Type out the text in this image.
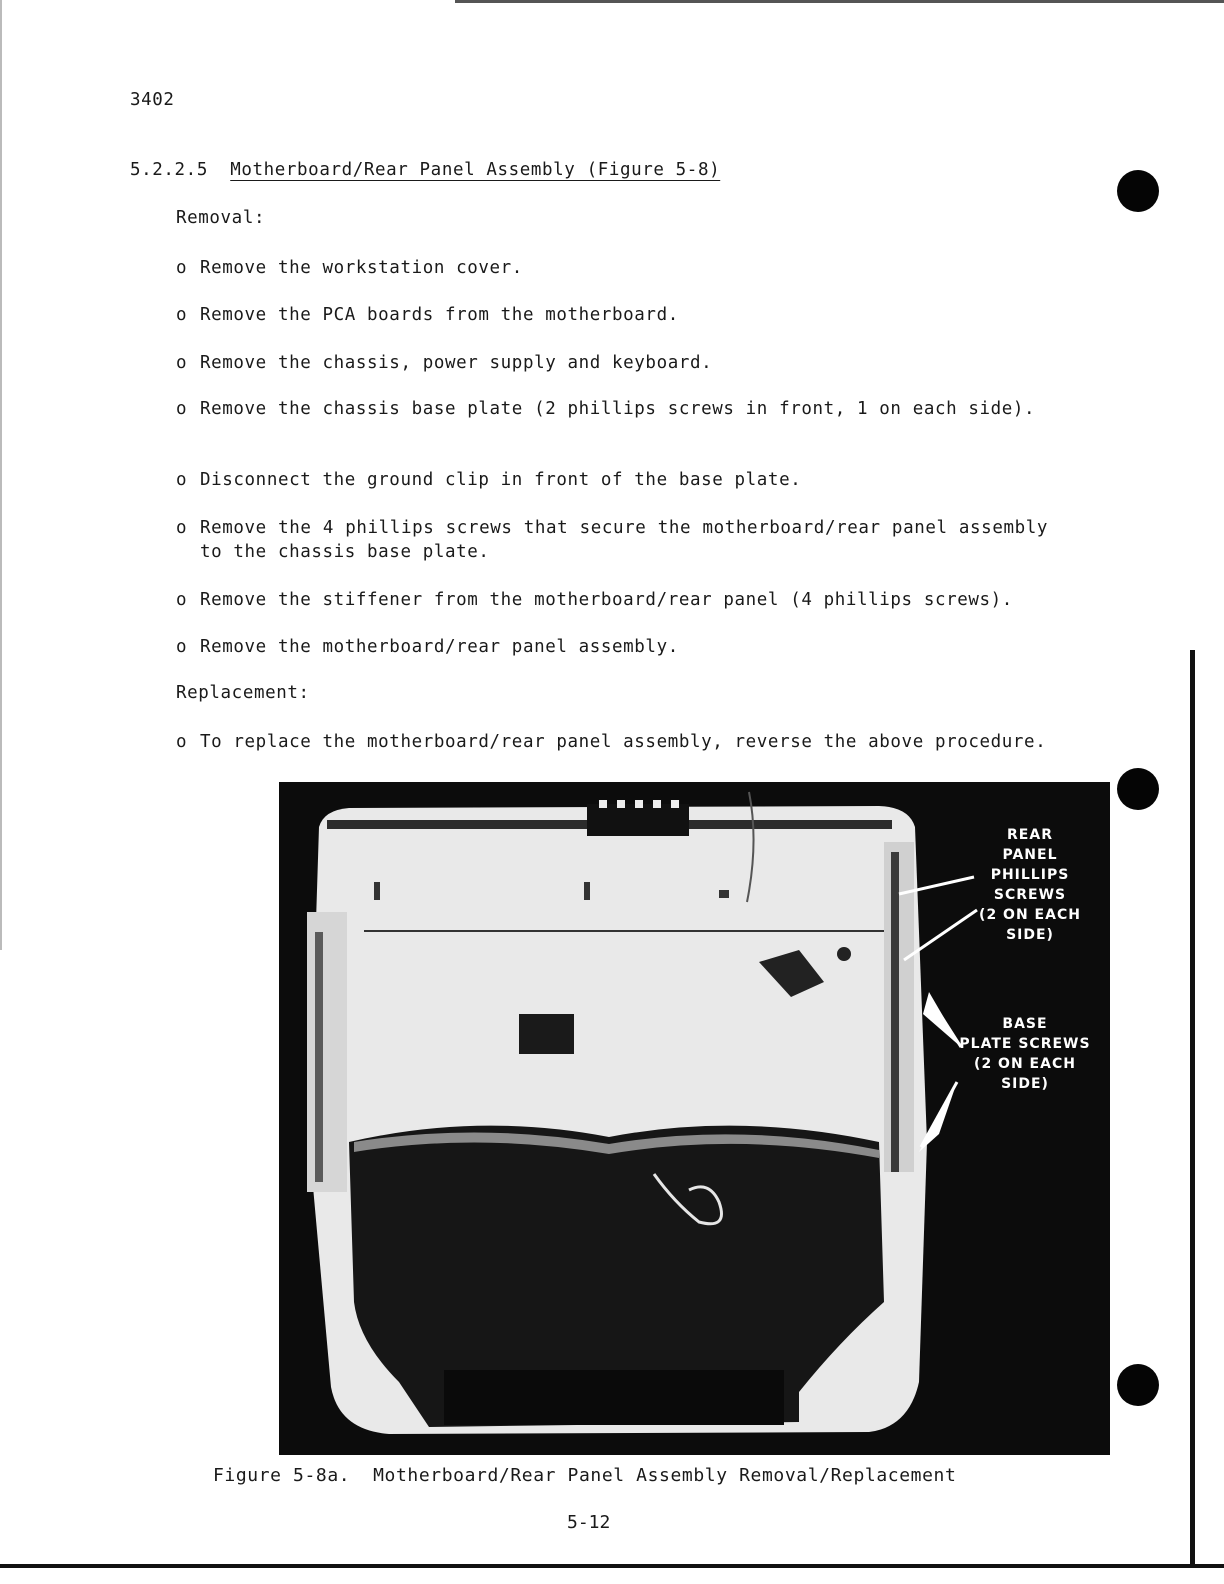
3402
5.2.2.5 Motherboard/Rear Panel Assembly (Figure 5-8)
Removal:
o Remove the workstation cover.
o Remove the PCA boards from the motherboard.
o Remove the chassis, power supply and keyboard.
o Remove the chassis base plate (2 phillips screws in front, 1 on each side).
o Disconnect the ground clip in front of the base plate.
o Remove the 4 phillips screws that secure the motherboard/rear panel assembly to the chassis base plate.
o Remove the stiffener from the motherboard/rear panel (4 phillips screws).
o Remove the motherboard/rear panel assembly.
Replacement:
o To replace the motherboard/rear panel assembly, reverse the above procedure.
REAR
PANEL
PHILLIPS
SCREWS
(2 ON EACH
SIDE)
BASE
PLATE SCREWS
(2 ON EACH
SIDE)
Figure 5-8a.  Motherboard/Rear Panel Assembly Removal/Replacement
5-12
